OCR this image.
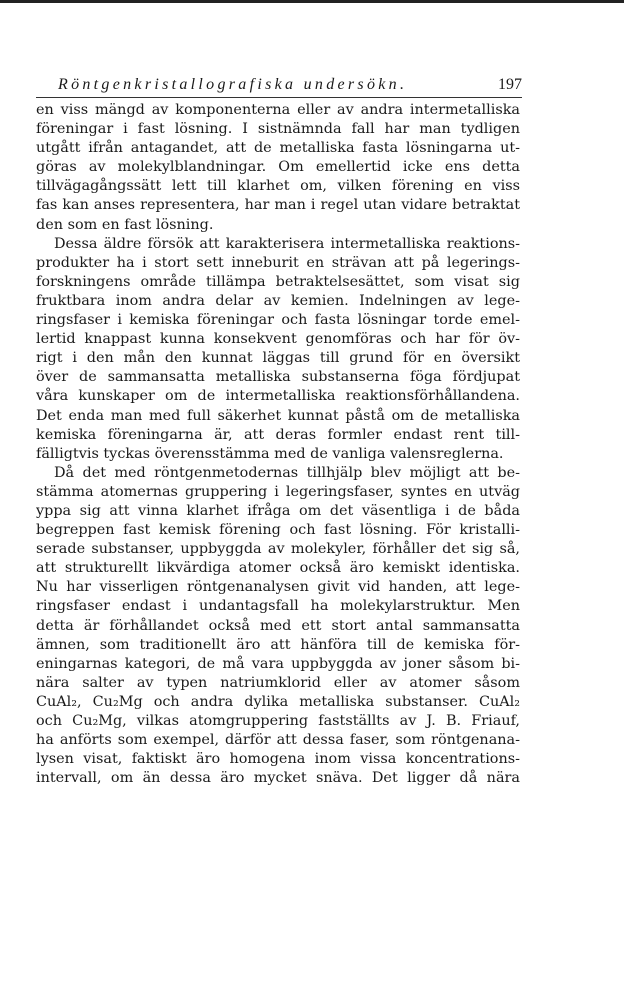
Röntgenkristallografiska undersökn.	197
en viss mängd av komponenterna eller av andra intermetalliska
föreningar i fast lösning. I sistnämnda fall har man tydligen
utgått ifrån antagandet, att de metalliska fasta lösningarna ut-
göras av molekylblandningar. Om emellertid icke ens detta
tillvägagångssätt lett till klarhet om, vilken förening en viss
fas kan anses representera, har man i regel utan vidare betraktat
den som en fast lösning.
Dessa äldre försök att karakterisera intermetalliska reaktions-
produkter ha i stort sett inneburit en strävan att på legerings-
forskningens område tillämpa betraktelsesättet, som visat sig
fruktbara inom andra delar av kemien. Indelningen av lege-
ringsfaser i kemiska föreningar och fasta lösningar torde emel-
lertid knappast kunna konsekvent genomföras och har för öv-
rigt i den mån den kunnat läggas till grund för en översikt
över de sammansatta metalliska substanserna föga fördjupat
våra kunskaper om de intermetalliska reaktionsförhållandena.
Det enda man med full säkerhet kunnat påstå om de metalliska
kemiska föreningarna är, att deras formler endast rent till-
fälligtvis tyckas överensstämma med de vanliga valensreglerna.
Då det med röntgenmetodernas tillhjälp blev möjligt att be-
stämma atomernas gruppering i legeringsfaser, syntes en utväg
yppa sig att vinna klarhet ifråga om det väsentliga i de båda
begreppen fast kemisk förening och fast lösning. För kristalli-
serade substanser, uppbyggda av molekyler, förhåller det sig så,
att strukturellt likvärdiga atomer också äro kemiskt identiska.
Nu har visserligen röntgenanalysen givit vid handen, att lege-
ringsfaser endast i undantagsfall ha molekylarstruktur. Men
detta är förhållandet också med ett stort antal sammansatta
ämnen, som traditionellt äro att hänföra till de kemiska för-
eningarnas kategori, de må vara uppbyggda av joner såsom bi-
nära salter av typen natriumklorid eller av atomer såsom
CuAl₂, Cu₂Mg och andra dylika metalliska substanser. CuAl₂
och Cu₂Mg, vilkas atomgruppering fastställts av J. B. Friauf,
ha anförts som exempel, därför att dessa faser, som röntgenana-
lysen visat, faktiskt äro homogena inom vissa koncentrations-
intervall, om än dessa äro mycket snäva. Det ligger då nära
